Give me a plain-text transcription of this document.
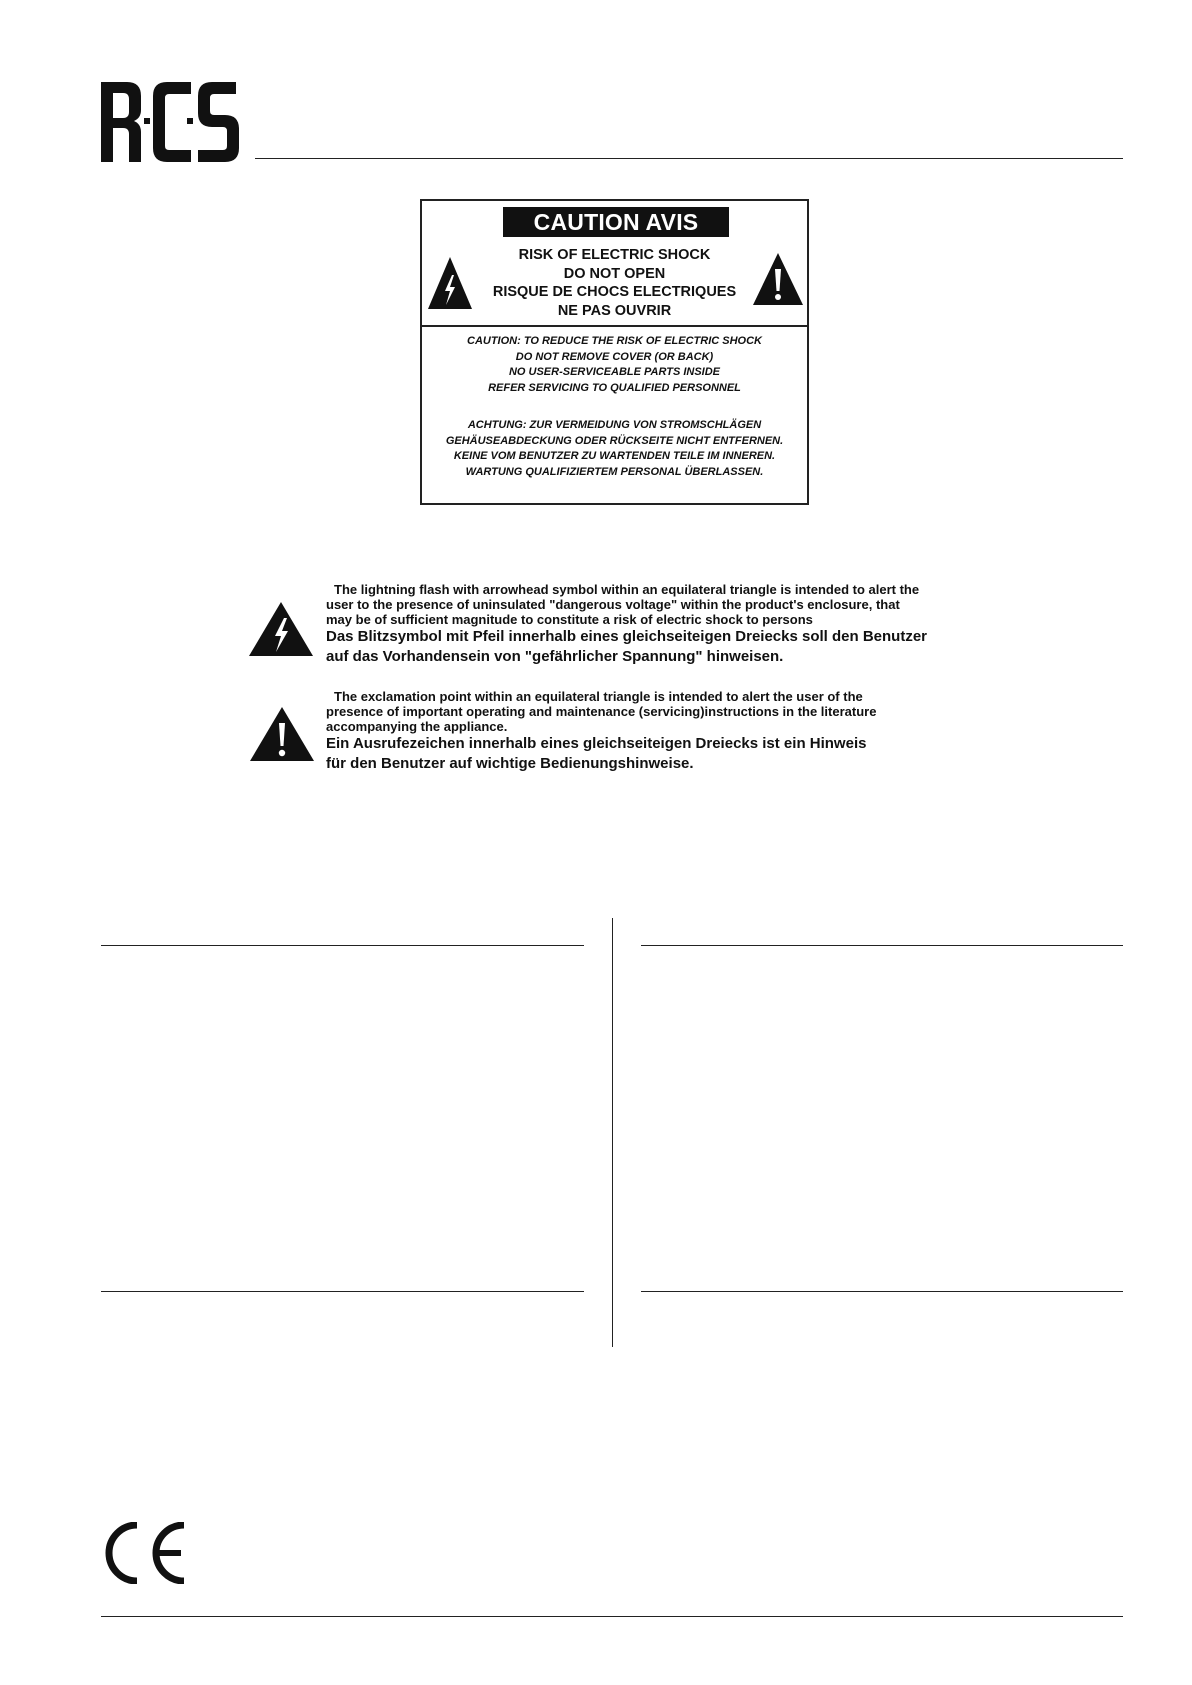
CAUTION AVIS
RISK OF ELECTRIC SHOCK
DO NOT OPEN
RISQUE DE CHOCS ELECTRIQUES
NE PAS OUVRIR
CAUTION: TO REDUCE THE RISK OF ELECTRIC SHOCK
DO NOT REMOVE COVER (OR BACK)
NO USER-SERVICEABLE PARTS INSIDE
REFER SERVICING TO QUALIFIED PERSONNEL
ACHTUNG: ZUR VERMEIDUNG VON STROMSCHLÄGEN
GEHÄUSEABDECKUNG ODER RÜCKSEITE NICHT ENTFERNEN.
KEINE VOM BENUTZER ZU WARTENDEN TEILE IM INNEREN.
WARTUNG QUALIFIZIERTEM PERSONAL ÜBERLASSEN.
The lightning flash with arrowhead symbol within an equilateral triangle is intended to alert the
user to the presence of uninsulated "dangerous voltage" within the product's enclosure, that
may be of sufficient magnitude to constitute a risk of electric shock to persons
Das Blitzsymbol mit Pfeil innerhalb eines gleichseiteigen Dreiecks soll den Benutzer
auf das Vorhandensein von "gefährlicher Spannung" hinweisen.
The exclamation point within an equilateral triangle is intended to alert the user of the
presence of important operating and maintenance (servicing)instructions in the literature
accompanying the appliance.
Ein Ausrufezeichen innerhalb eines gleichseiteigen Dreiecks ist ein Hinweis
für den Benutzer auf wichtige Bedienungshinweise.
